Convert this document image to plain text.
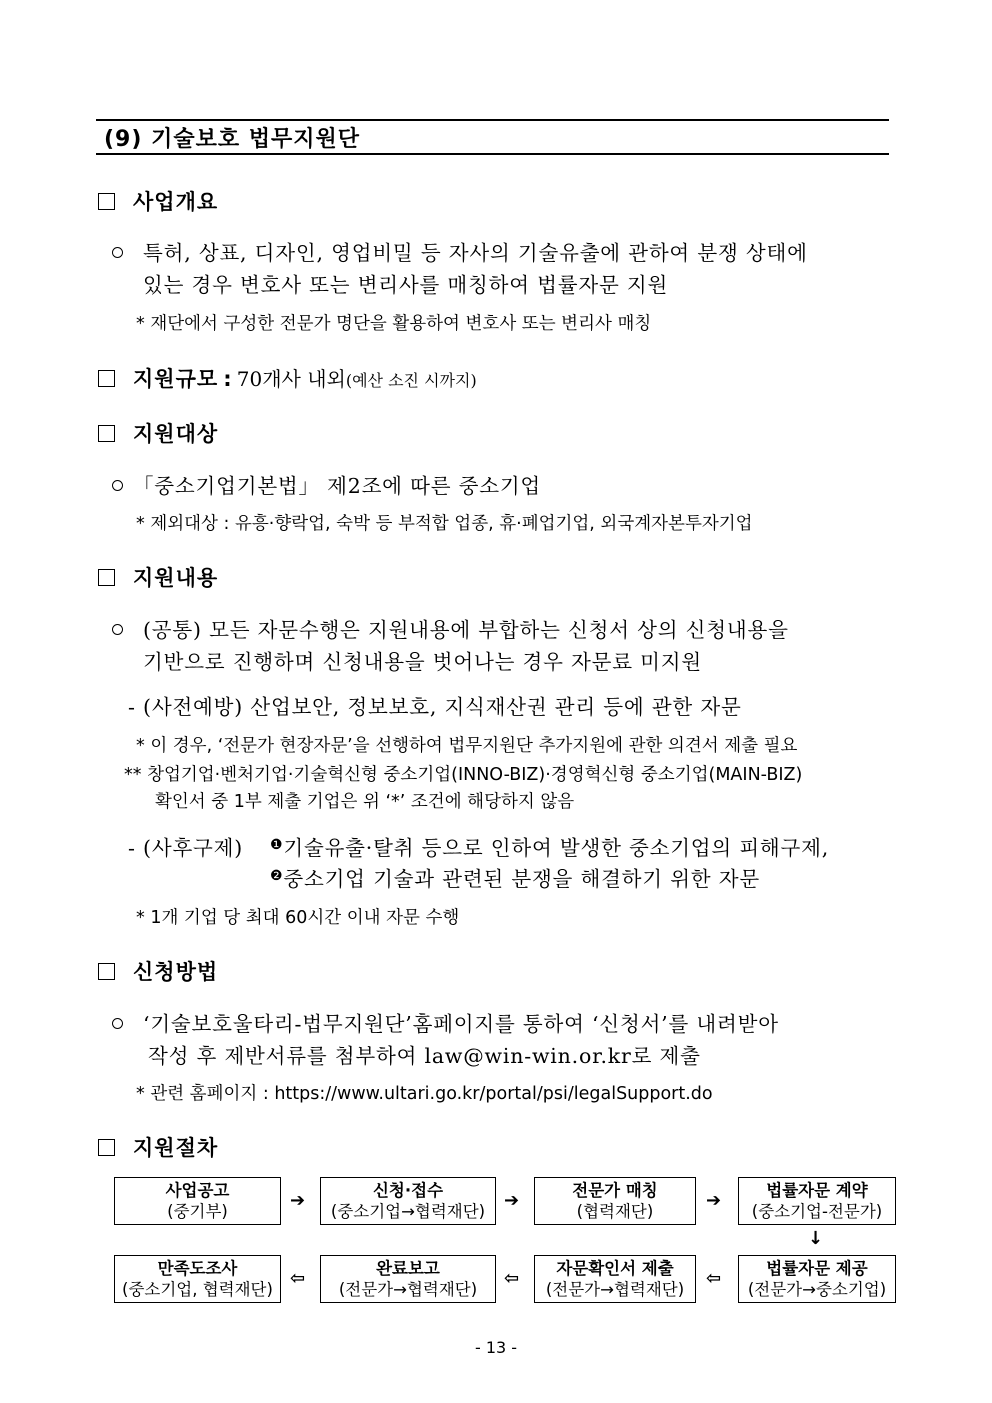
(9) 기술보호 법무지원단
사업개요
특허, 상표, 디자인, 영업비밀 등 자사의 기술유출에 관하여 분쟁 상태에
있는 경우 변호사 또는 변리사를 매칭하여 법률자문 지원
* 재단에서 구성한 전문가 명단을 활용하여 변호사 또는 변리사 매칭
지원규모 : 70개사 내외(예산 소진 시까지)
지원대상
「중소기업기본법」 제2조에 따른 중소기업
* 제외대상 : 유흥·향락업, 숙박 등 부적합 업종, 휴·폐업기업, 외국계자본투자기업
지원내용
(공통) 모든 자문수행은 지원내용에 부합하는 신청서 상의 신청내용을
기반으로 진행하며 신청내용을 벗어나는 경우 자문료 미지원
- (사전예방) 산업보안, 정보보호, 지식재산권 관리 등에 관한 자문
* 이 경우, ‘전문가 현장자문’을 선행하여 법무지원단 추가지원에 관한 의견서 제출 필요
** 창업기업·벤처기업·기술혁신형 중소기업(INNO-BIZ)·경영혁신형 중소기업(MAIN-BIZ)
확인서 중 1부 제출 기업은 위 ‘*’ 조건에 해당하지 않음
- (사후구제) $^❶$기술유출·탈취 등으로 인하여 발생한 중소기업의 피해구제,
$^❷$중소기업 기술과 관련된 분쟁을 해결하기 위한 자문
* 1개 기업 당 최대 60시간 이내 자문 수행
신청방법
‘기술보호울타리-법무지원단’홈페이지를 통하여 ‘신청서’를 내려받아
작성 후 제반서류를 첨부하여 law@win-win.or.kr로 제출
* 관련 홈페이지 : https://www.ultari.go.kr/portal/psi/legalSupport.do
지원절차
사업공고
(중기부)
➔	신청·접수
(중소기업→협력재단)
➔	전문가 매칭
(협력재단)
➔	법률자문 계약
(중소기업-전문가)
↓
만족도조사
(중소기업, 협력재단)
⇦	완료보고
(전문가→협력재단)
⇦	자문확인서 제출
(전문가→협력재단)
⇦	법률자문 제공
(전문가→중소기업)
- 13 -
